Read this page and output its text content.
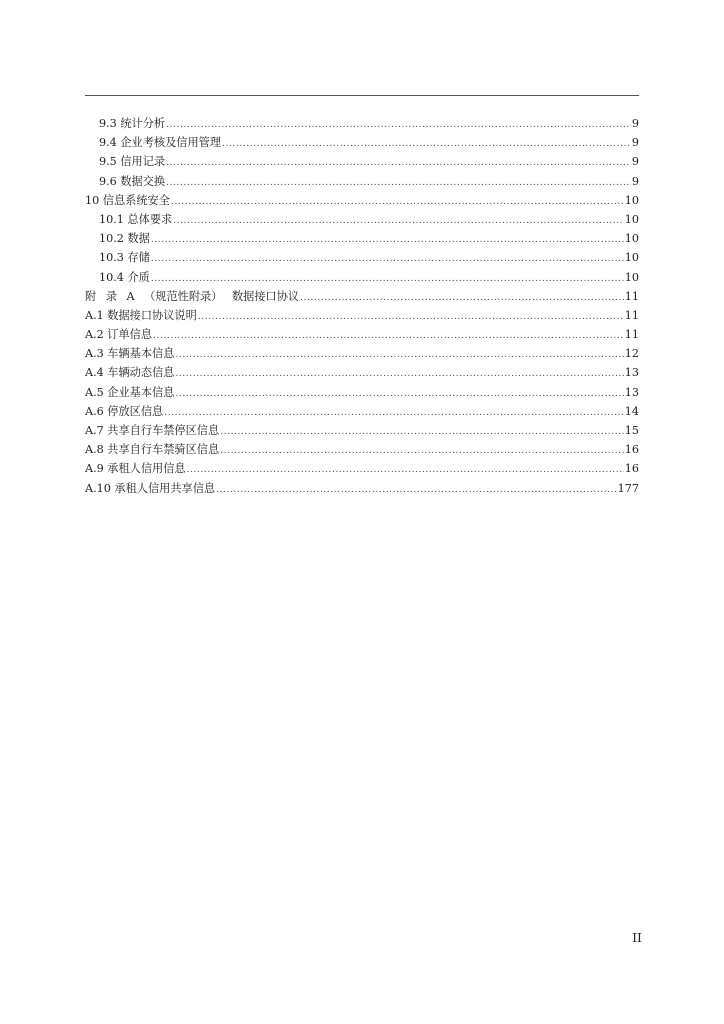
9.3 统计分析 .....	9
9.4 企业考核及信用管理 .....	9
9.5 信用记录 .....	9
9.6 数据交换 .....	9
10 信息系统安全 .....	10
10.1 总体要求 .....	10
10.2 数据 .....	10
10.3 存储 .....	10
10.4 介质 .....	10
附 录 A （规范性附录） 数据接口协议 .....	11
A.1 数据接口协议说明 .....	11
A.2 订单信息 .....	11
A.3 车辆基本信息 .....	12
A.4 车辆动态信息 .....	13
A.5 企业基本信息 .....	13
A.6 停放区信息 .....	14
A.7 共享自行车禁停区信息 .....	15
A.8 共享自行车禁骑区信息 .....	16
A.9 承租人信用信息 .....	16
A.10 承租人信用共享信息 .....	177
II
